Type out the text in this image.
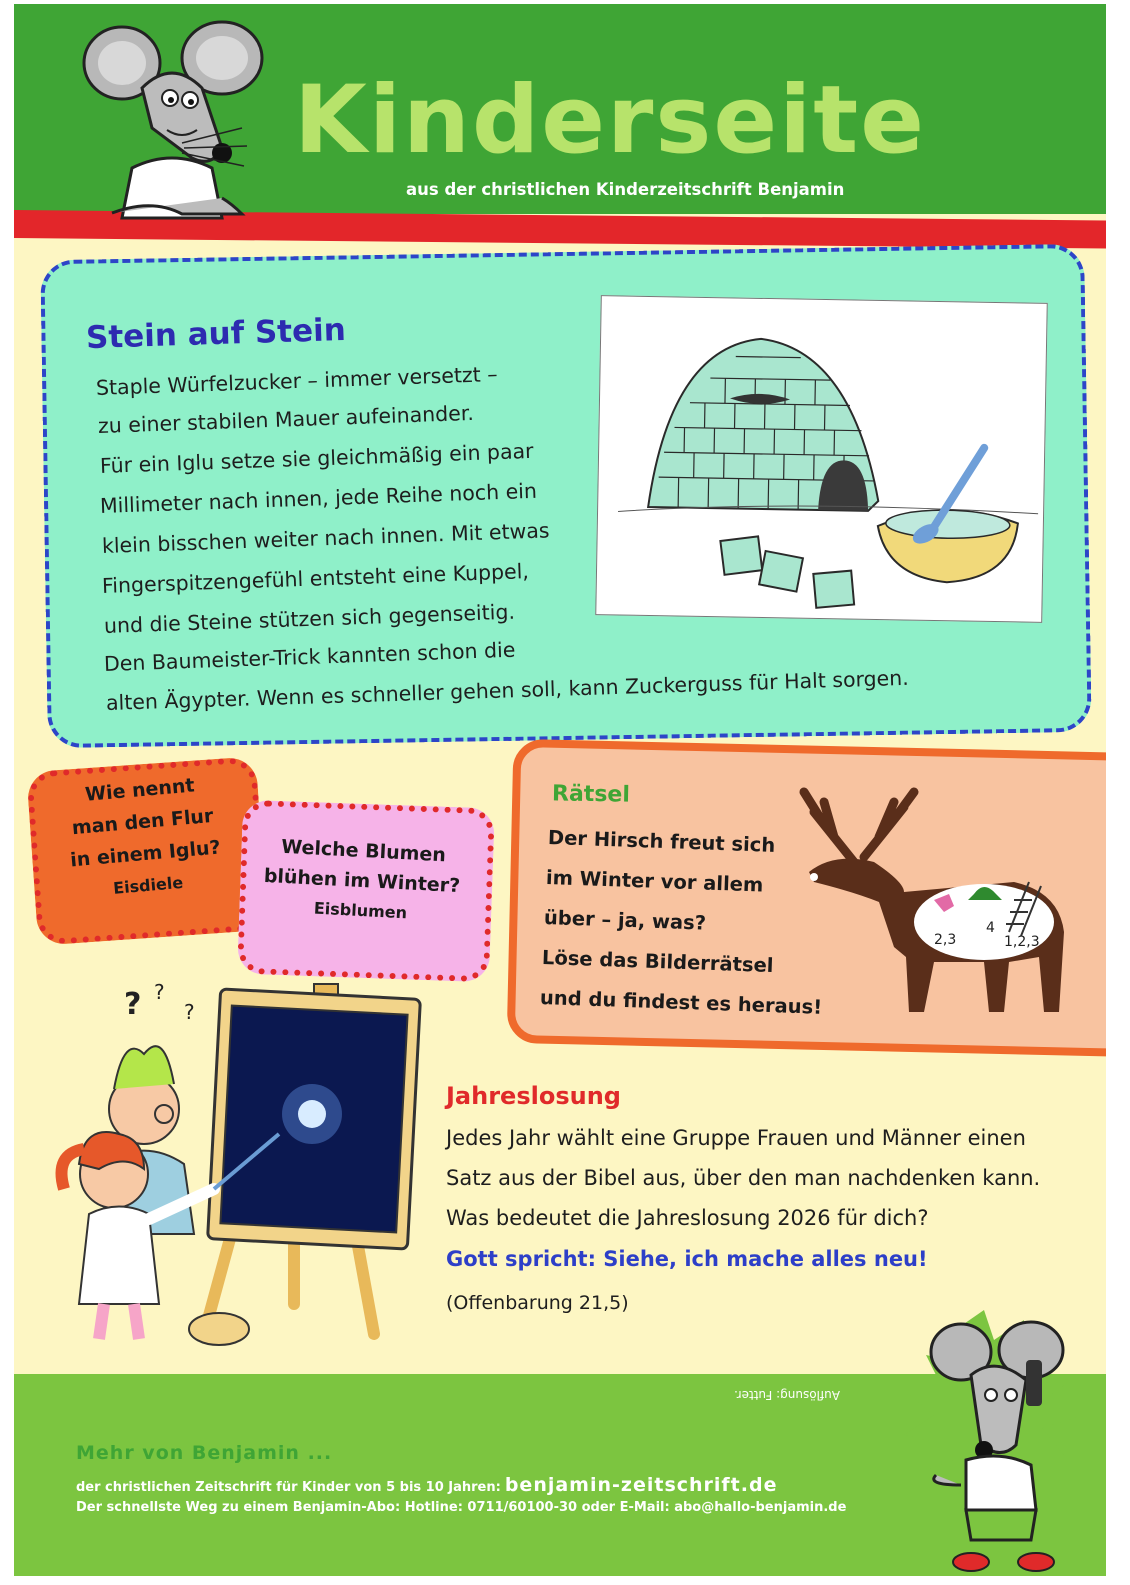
Kinderseite
aus der christlichen Kinderzeitschrift Benjamin
Stein auf Stein
Staple Würfelzucker – immer versetzt –
zu einer stabilen Mauer aufeinander.
Für ein Iglu setze sie gleichmäßig ein paar
Millimeter nach innen, jede Reihe noch ein
klein bisschen weiter nach innen. Mit etwas
Fingerspitzengefühl entsteht eine Kuppel,
und die Steine stützen sich gegenseitig.
Den Baumeister-Trick kannten schon die
alten Ägypter. Wenn es schneller gehen soll, kann Zuckerguss für Halt sorgen.
Wie nennt
man den Flur
in einem Iglu?
Eisdiele
Welche Blumen
blühen im Winter?
Eisblumen
Rätsel
Der Hirsch freut sich
im Winter vor allem
über – ja, was?
Löse das Bilderrätsel
und du findest es heraus!
2,3
4
1,2,3
? ?
?
Jahreslosung
Jedes Jahr wählt eine Gruppe Frauen und Männer einen
Satz aus der Bibel aus, über den man nachdenken kann.
Was bedeutet die Jahreslosung 2026 für dich?
Gott spricht: Siehe, ich mache alles neu!
(Offenbarung 21,5)
Auflösung: Futter.
Mehr von Benjamin ...
der christlichen Zeitschrift für Kinder von 5 bis 10 Jahren: benjamin-zeitschrift.de
Der schnellste Weg zu einem Benjamin-Abo: Hotline: 0711/60100-30 oder E-Mail: abo@hallo-benjamin.de
